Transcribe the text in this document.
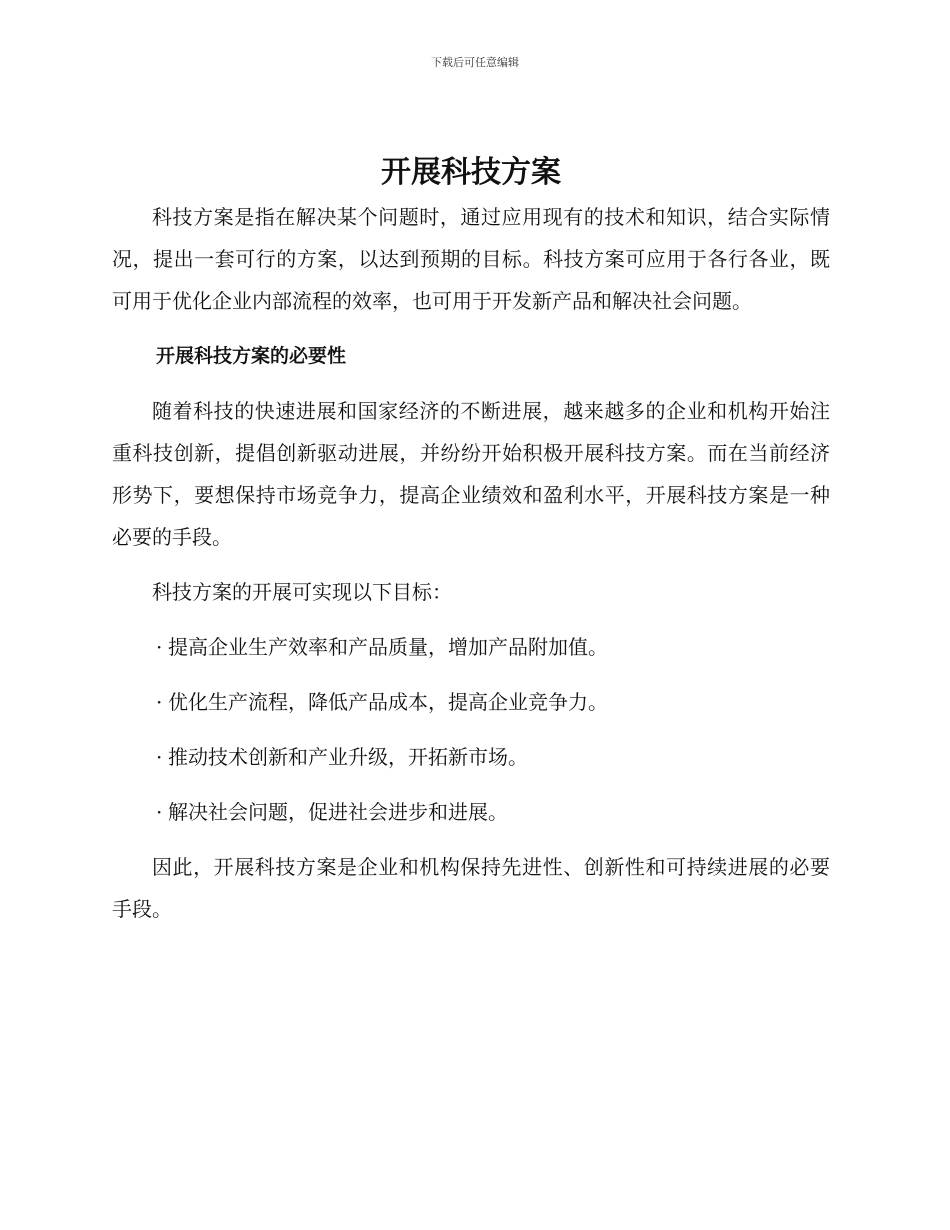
下载后可任意编辑
开展科技方案

科技方案是指在解决某个问题时，通过应用现有的技术和知识，结合实际情况，提出一套可行的方案，以达到预期的目标。科技方案可应用于各行各业，既可用于优化企业内部流程的效率，也可用于开发新产品和解决社会问题。

开展科技方案的必要性

随着科技的快速进展和国家经济的不断进展，越来越多的企业和机构开始注重科技创新，提倡创新驱动进展，并纷纷开始积极开展科技方案。而在当前经济形势下，要想保持市场竞争力，提高企业绩效和盈利水平，开展科技方案是一种必要的手段。

科技方案的开展可实现以下目标：

· 提高企业生产效率和产品质量，增加产品附加值。
· 优化生产流程，降低产品成本，提高企业竞争力。
· 推动技术创新和产业升级，开拓新市场。
· 解决社会问题，促进社会进步和进展。

因此，开展科技方案是企业和机构保持先进性、创新性和可持续进展的必要手段。
